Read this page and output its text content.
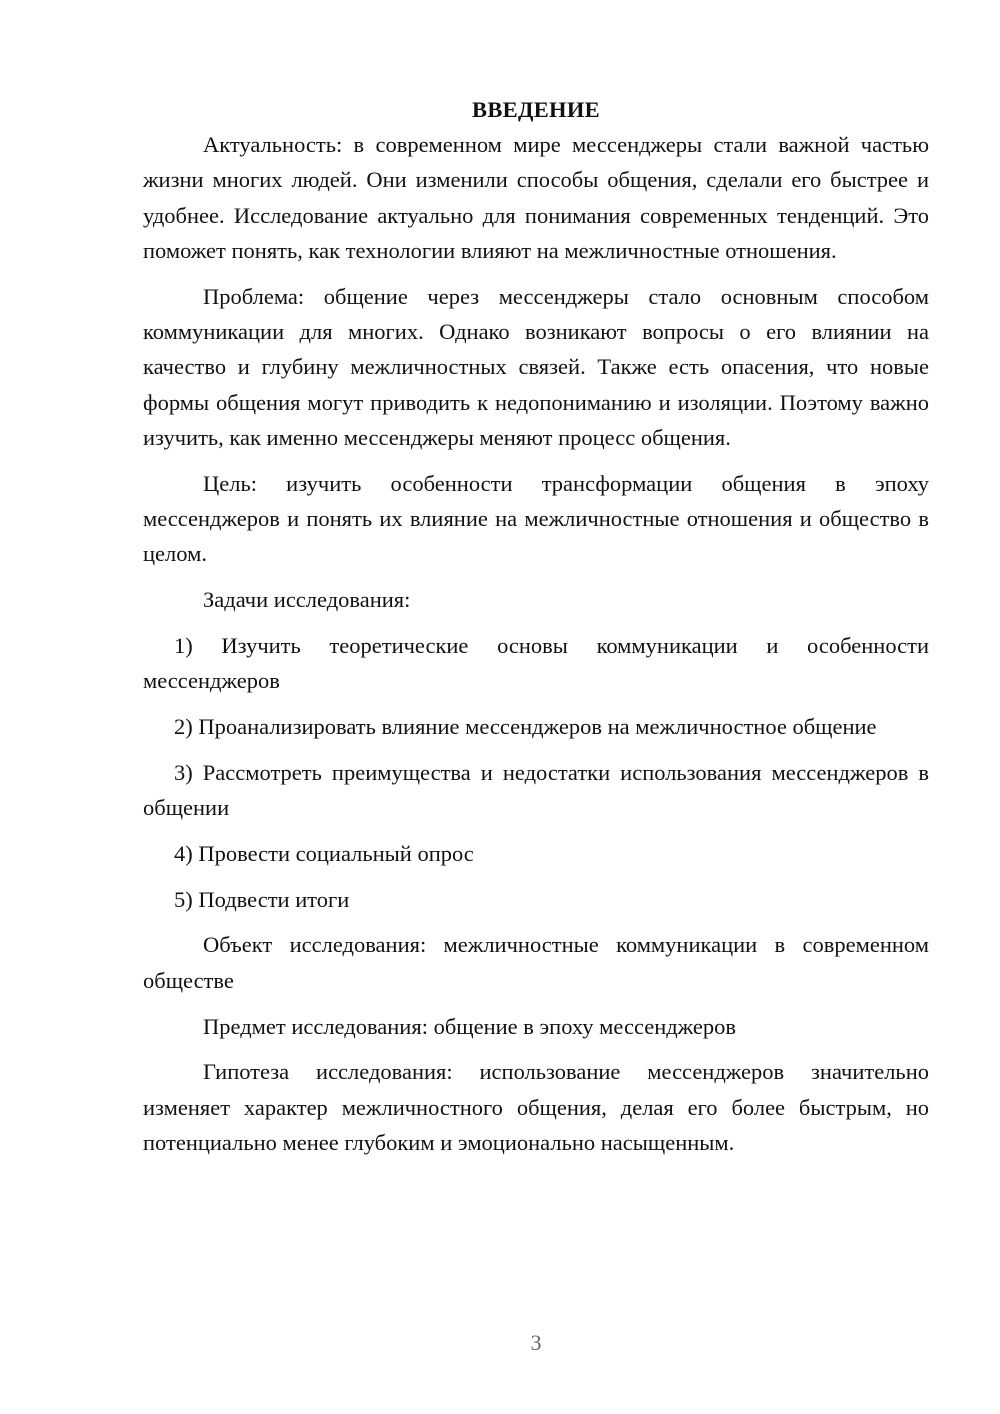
ВВЕДЕНИЕ

Актуальность: в современном мире мессенджеры стали важной частью жизни многих людей. Они изменили способы общения, сделали его быстрее и удобнее. Исследование актуально для понимания современных тенденций. Это поможет понять, как технологии влияют на межличностные отношения.

Проблема: общение через мессенджеры стало основным способом коммуникации для многих. Однако возникают вопросы о его влиянии на качество и глубину межличностных связей. Также есть опасения, что новые формы общения могут приводить к недопониманию и изоляции. Поэтому важно изучить, как именно мессенджеры меняют процесс общения.

Цель: изучить особенности трансформации общения в эпоху мессенджеров и понять их влияние на межличностные отношения и общество в целом.

Задачи исследования:

1) Изучить теоретические основы коммуникации и особенности мессенджеров

2) Проанализировать влияние мессенджеров на межличностное общение

3) Рассмотреть преимущества и недостатки использования мессенджеров в общении

4) Провести социальный опрос

5) Подвести итоги

Объект исследования: межличностные коммуникации в современном обществе

Предмет исследования: общение в эпоху мессенджеров

Гипотеза исследования: использование мессенджеров значительно изменяет характер межличностного общения, делая его более быстрым, но потенциально менее глубоким и эмоционально насыщенным.

3
